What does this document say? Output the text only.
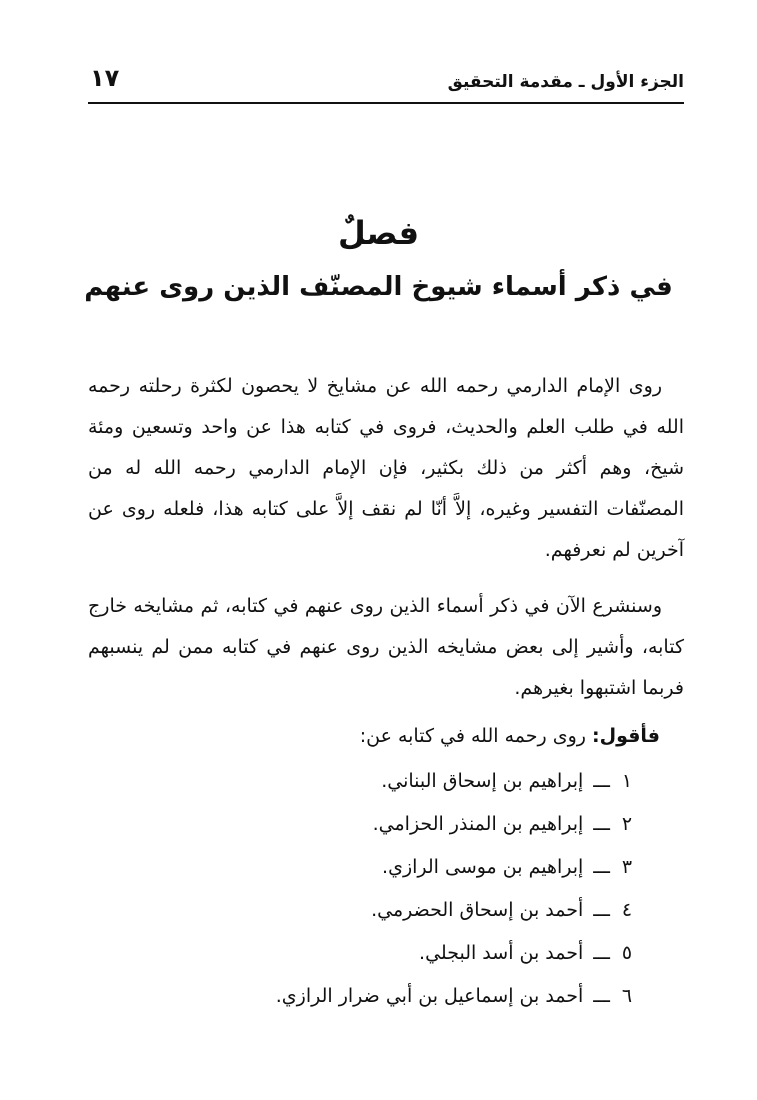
الجزء الأول ـ مقدمة التحقيق
١٧
فصلٌ
في ذكر أسماء شيوخ المصنّف الذين روى عنهم

روى الإمام الدارمي رحمه الله عن مشايخ لا يحصون لكثرة رحلته رحمه الله في طلب العلم والحديث، فروى في كتابه هذا عن واحد وتسعين ومئة شيخ، وهم أكثر من ذلك بكثير، فإن الإمام الدارمي رحمه الله له من المصنّفات التفسير وغيره، إلاَّ أنّا لم نقف إلاَّ على كتابه هذا، فلعله روى عن آخرين لم نعرفهم.

وسنشرع الآن في ذكر أسماء الذين روى عنهم في كتابه، ثم مشايخه خارج كتابه، وأشير إلى بعض مشايخه الذين روى عنهم في كتابه ممن لم ينسبهم فربما اشتبهوا بغيرهم.

فأقول: روى رحمه الله في كتابه عن:
١ـــإبراهيم بن إسحاق البناني.
٢ـــإبراهيم بن المنذر الحزامي.
٣ـــإبراهيم بن موسى الرازي.
٤ـــأحمد بن إسحاق الحضرمي.
٥ـــأحمد بن أسد البجلي.
٦ـــأحمد بن إسماعيل بن أبي ضرار الرازي.
